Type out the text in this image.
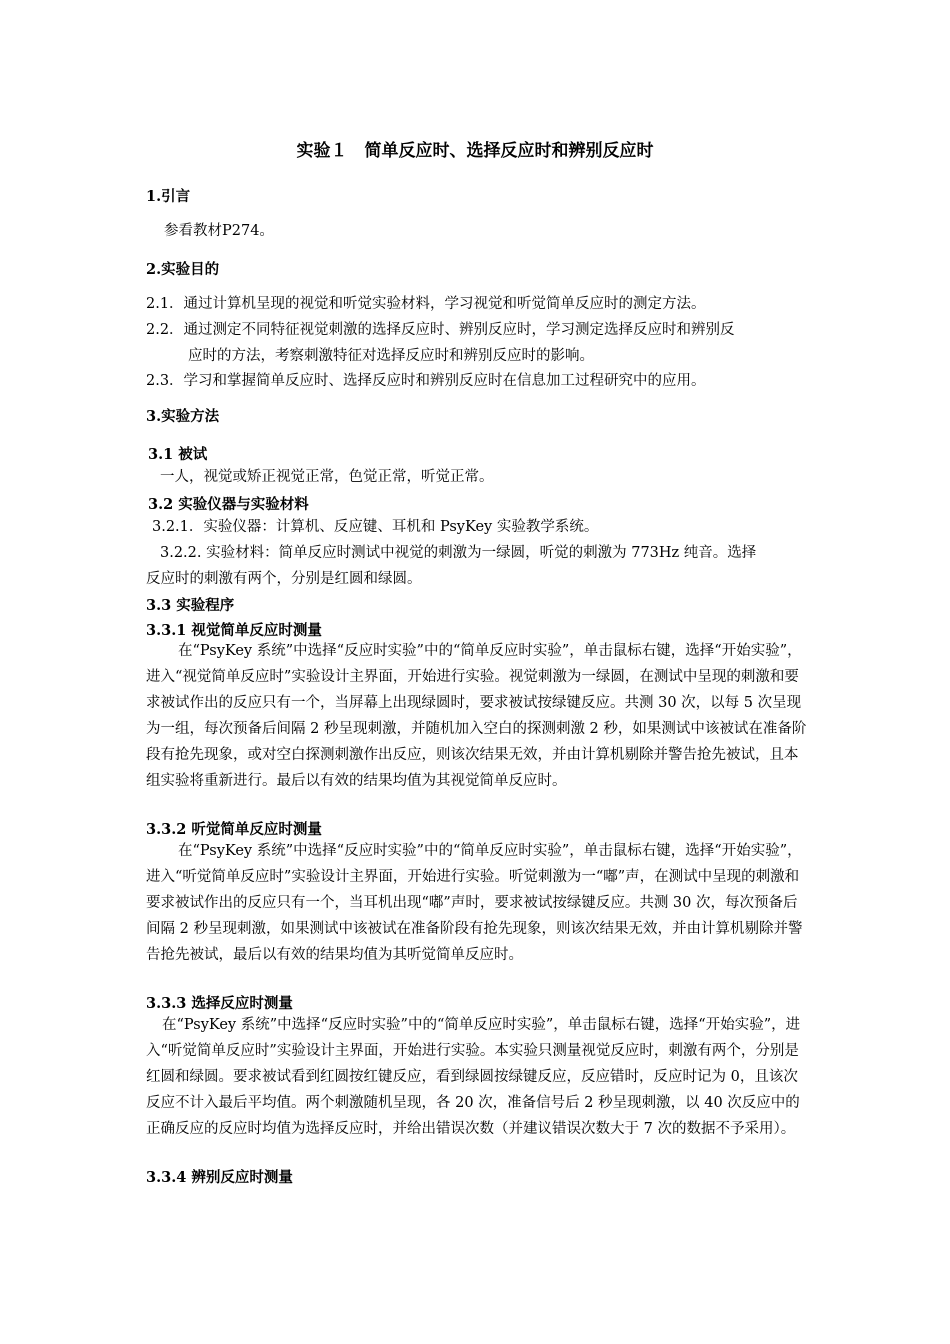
实验１　简单反应时、选择反应时和辨别反应时
1.引言
参看教材P274。
2.实验目的
2.1．通过计算机呈现的视觉和听觉实验材料，学习视觉和听觉简单反应时的测定方法。
2.2．通过测定不同特征视觉刺激的选择反应时、辨别反应时，学习测定选择反应时和辨别反
应时的方法，考察刺激特征对选择反应时和辨别反应时的影响。
2.3．学习和掌握简单反应时、选择反应时和辨别反应时在信息加工过程研究中的应用。
3.实验方法
3.1 被试
一人，视觉或矫正视觉正常，色觉正常，听觉正常。
3.2 实验仪器与实验材料
3.2.1．实验仪器：计算机、反应键、耳机和 PsyKey 实验教学系统。
3.2.2. 实验材料：简单反应时测试中视觉的刺激为一绿圆，听觉的刺激为 773Hz 纯音。选择
反应时的刺激有两个，分别是红圆和绿圆。
3.3 实验程序
3.3.1 视觉简单反应时测量
在“PsyKey 系统”中选择“反应时实验”中的“简单反应时实验”，单击鼠标右键，选择“开始实验”，进入“视觉简单反应时”实验设计主界面，开始进行实验。视觉刺激为一绿圆，在测试中呈现的刺激和要求被试作出的反应只有一个，当屏幕上出现绿圆时，要求被试按绿键反应。共测 30 次，以每 5 次呈现为一组，每次预备后间隔 2 秒呈现刺激，并随机加入空白的探测刺激 2 秒，如果测试中该被试在准备阶段有抢先现象，或对空白探测刺激作出反应，则该次结果无效，并由计算机剔除并警告抢先被试，且本组实验将重新进行。最后以有效的结果均值为其视觉简单反应时。
3.3.2 听觉简单反应时测量
在“PsyKey 系统”中选择“反应时实验”中的“简单反应时实验”，单击鼠标右键，选择“开始实验”，进入“听觉简单反应时”实验设计主界面，开始进行实验。听觉刺激为一“嘟”声，在测试中呈现的刺激和要求被试作出的反应只有一个，当耳机出现“嘟”声时，要求被试按绿键反应。共测 30 次，每次预备后间隔 2 秒呈现刺激，如果测试中该被试在准备阶段有抢先现象，则该次结果无效，并由计算机剔除并警告抢先被试，最后以有效的结果均值为其听觉简单反应时。
3.3.3 选择反应时测量
在“PsyKey 系统”中选择“反应时实验”中的“简单反应时实验”，单击鼠标右键，选择“开始实验”，进入“听觉简单反应时”实验设计主界面，开始进行实验。本实验只测量视觉反应时，刺激有两个，分别是红圆和绿圆。要求被试看到红圆按红键反应，看到绿圆按绿键反应，反应错时，反应时记为 0，且该次反应不计入最后平均值。两个刺激随机呈现，各 20 次，准备信号后 2 秒呈现刺激，以 40 次反应中的正确反应的反应时均值为选择反应时，并给出错误次数（并建议错误次数大于 7 次的数据不予采用）。
3.3.4 辨别反应时测量
